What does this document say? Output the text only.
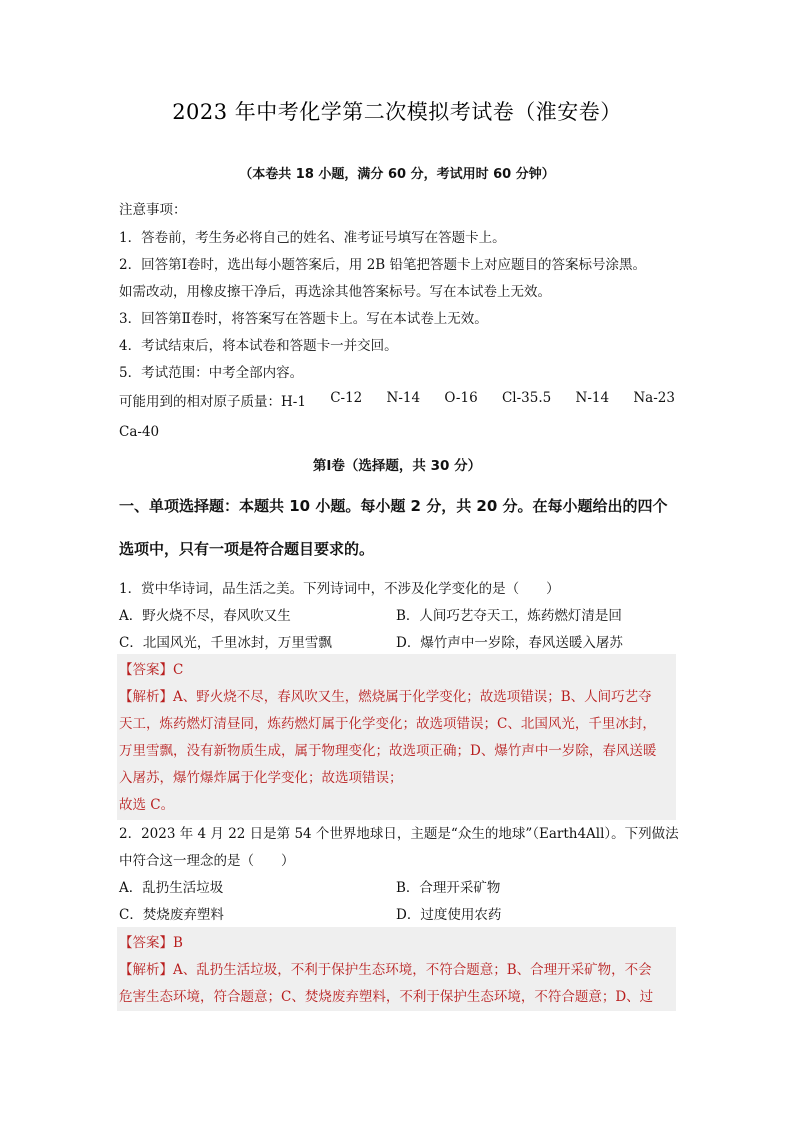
2023 年中考化学第二次模拟考试卷（淮安卷）
（本卷共 18 小题，满分 60 分，考试用时 60 分钟）
注意事项：
1．答卷前，考生务必将自己的姓名、准考证号填写在答题卡上。
2．回答第Ⅰ卷时，选出每小题答案后，用 2B 铅笔把答题卡上对应题目的答案标号涂黑。
如需改动，用橡皮擦干净后，再选涂其他答案标号。写在本试卷上无效。
3．回答第Ⅱ卷时，将答案写在答题卡上。写在本试卷上无效。
4．考试结束后，将本试卷和答题卡一并交回。
5．考试范围：中考全部内容。
可能用到的相对原子质量：H-1 C-12 N-14 O-16 Cl-35.5 N-14 Na-23
Ca-40
第Ⅰ卷（选择题，共 30 分）
一、单项选择题：本题共 10 小题。每小题 2 分，共 20 分。在每小题给出的四个
选项中，只有一项是符合题目要求的。
1．赏中华诗词，品生活之美。下列诗词中，不涉及化学变化的是（　　）
A．野火烧不尽，春风吹又生	B．人间巧艺夺天工，炼药燃灯清是回
C．北国风光，千里冰封，万里雪飘	D．爆竹声中一岁除，春风送暖入屠苏
【答案】C
【解析】A、野火烧不尽，春风吹又生，燃烧属于化学变化；故选项错误；B、人间巧艺夺
天工，炼药燃灯清昼同，炼药燃灯属于化学变化；故选项错误；C、北国风光，千里冰封，
万里雪飘，没有新物质生成，属于物理变化；故选项正确；D、爆竹声中一岁除，春风送暖
入屠苏，爆竹爆炸属于化学变化；故选项错误；
故选 C。
2．2023 年 4 月 22 日是第 54 个世界地球日，主题是“众生的地球”（Earth4All）。下列做法
中符合这一理念的是（　　）
A．乱扔生活垃圾	B．合理开采矿物
C．焚烧废弃塑料	D．过度使用农药
【答案】B
【解析】A、乱扔生活垃圾，不利于保护生态环境，不符合题意；B、合理开采矿物，不会
危害生态环境，符合题意；C、焚烧废弃塑料，不利于保护生态环境，不符合题意；D、过
